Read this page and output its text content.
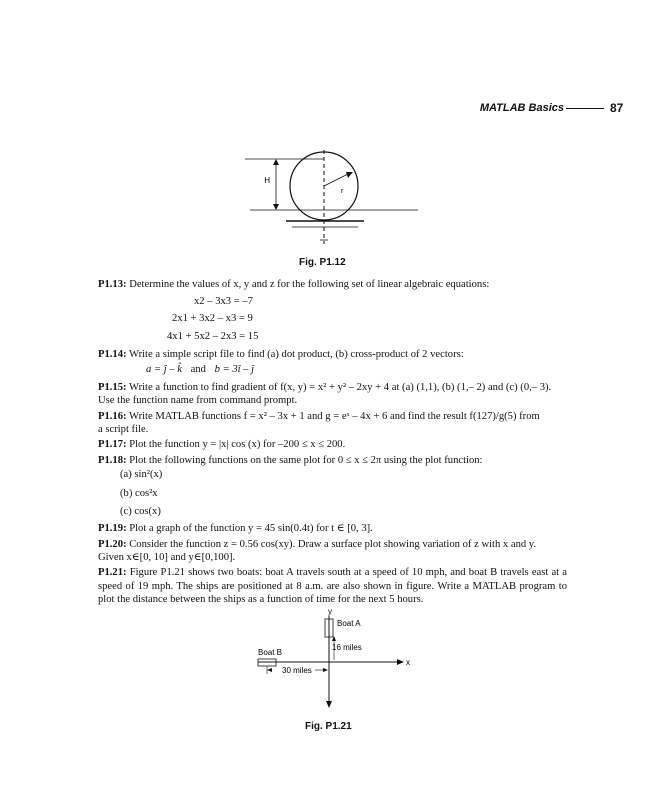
MATLAB Basics	87
H
r
Fig. P1.12
P1.13: Determine the values of x, y and z for the following set of linear algebraic equations:
x2 – 3x3 = –7
2x1 + 3x2 – x3 = 9
4x1 + 5x2 – 2x3 = 15
P1.14: Write a simple script file to find (a) dot product, (b) cross-product of 2 vectors:
a = ĵ – k̂ and b = 3î – ĵ
P1.15: Write a function to find gradient of f(x, y) = x² + y² – 2xy + 4 at (a) (1,1), (b) (1,– 2) and (c) (0,– 3).
Use the function name from command prompt.
P1.16: Write MATLAB functions f = x² – 3x + 1 and g = eˣ – 4x + 6 and find the result f(127)/g(5) from
a script file.
P1.17: Plot the function y = |x| cos (x) for –200 ≤ x ≤ 200.
P1.18: Plot the following functions on the same plot for 0 ≤ x ≤ 2π using the plot function:
(a) sin²(x)
(b) cos²x
(c) cos(x)
P1.19: Plot a graph of the function y = 45 sin(0.4t) for t ∈ [0, 3].
P1.20: Consider the function z = 0.56 cos(xy). Draw a surface plot showing variation of z with x and y.
Given x∈[0, 10] and y∈[0,100].
P1.21: Figure P1.21 shows two boats: boat A travels south at a speed of 10 mph, and boat B travels east at a speed of 19 mph. The ships are positioned at 8 a.m. are also shown in figure. Write a MATLAB program to plot the distance between the ships as a function of time for the next 5 hours.
y
x
Boat A
16 miles
Boat B
30 miles
Fig. P1.21
